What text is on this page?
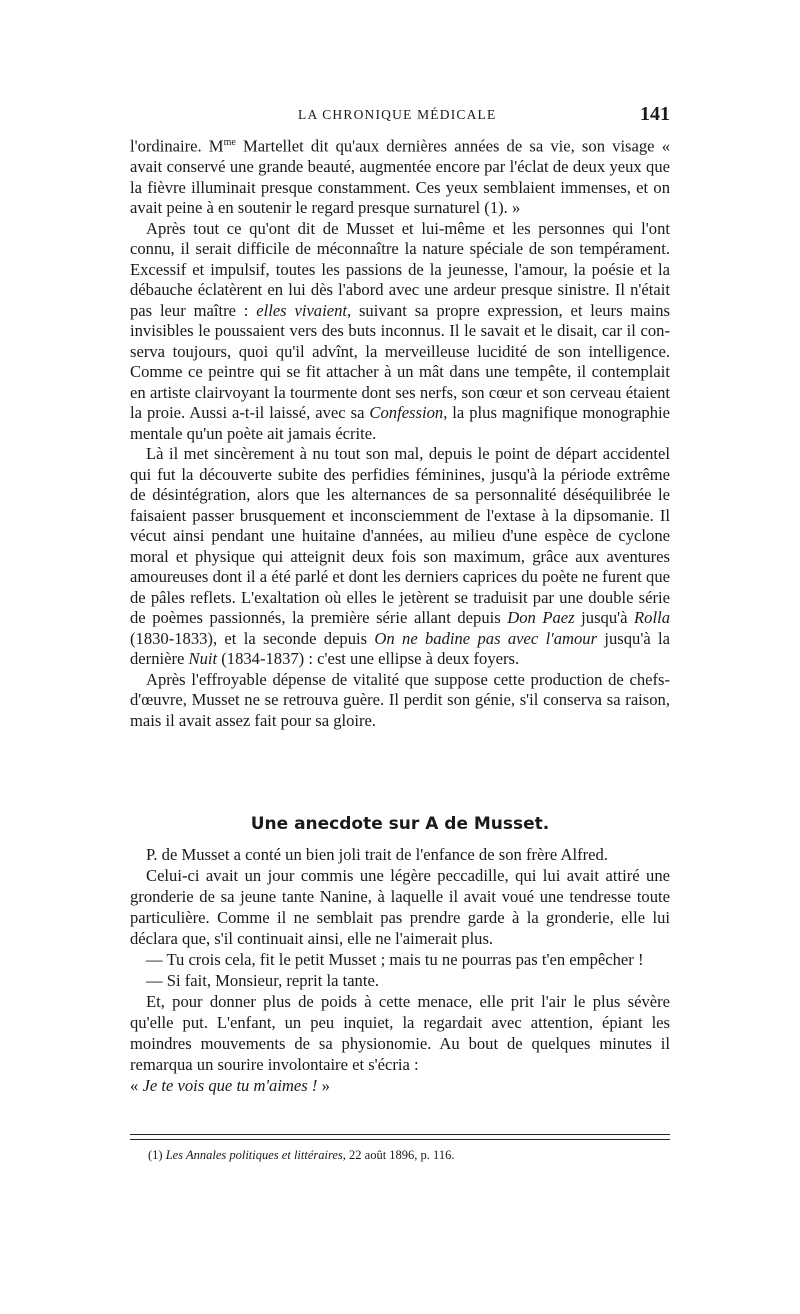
LA CHRONIQUE MÉDICALE	141

l'ordinaire. $M^{me}$ Martellet dit qu'aux dernières années de sa vie, son visage « avait conservé une grande beauté, augmentée encore par l'éclat de deux yeux que la fièvre illuminait presque constamment. Ces yeux semblaient immenses, et on avait peine à en soutenir le regard presque surnaturel (1). »

Après tout ce qu'ont dit de Musset et lui-même et les personnes qui l'ont connu, il serait difficile de méconnaître la nature spéciale de son tempérament. Excessif et impulsif, toutes les passions de la jeunesse, l'amour, la poésie et la débauche éclatèrent en lui dès l'abord avec une ardeur presque sinistre. Il n'était pas leur maître : elles vivaient, suivant sa propre expression, et leurs mains invisibles le poussaient vers des buts inconnus. Il le savait et le disait, car il conserva toujours, quoi qu'il advînt, la merveilleuse lucidité de son intelligence. Comme ce peintre qui se fit attacher à un mât dans une tempête, il contemplait en artiste clairvoyant la tourmente dont ses nerfs, son cœur et son cerveau étaient la proie. Aussi a-t-il laissé, avec sa Confession, la plus magnifique monographie mentale qu'un poète ait jamais écrite.

Là il met sincèrement à nu tout son mal, depuis le point de départ accidentel qui fut la découverte subite des perfidies féminines, jusqu'à la période extrême de désintégration, alors que les alternances de sa personnalité déséquilibrée le faisaient passer brusquement et inconsciemment de l'extase à la dipsomanie. Il vécut ainsi pendant une huitaine d'années, au milieu d'une espèce de cyclone moral et physique qui atteignit deux fois son maximum, grâce aux aventures amoureuses dont il a été parlé et dont les derniers caprices du poète ne furent que de pâles reflets. L'exaltation où elles le jetèrent se traduisit par une double série de poèmes passionnés, la première série allant depuis Don Paez jusqu'à Rolla (1830-1833), et la seconde depuis On ne badine pas avec l'amour jusqu'à la dernière Nuit (1834-1837) : c'est une ellipse à deux foyers.

Après l'effroyable dépense de vitalité que suppose cette production de chefs-d'œuvre, Musset ne se retrouva guère. Il perdit son génie, s'il conserva sa raison, mais il avait assez fait pour sa gloire.

Une anecdote sur A de Musset.

P. de Musset a conté un bien joli trait de l'enfance de son frère Alfred.

Celui-ci avait un jour commis une légère peccadille, qui lui avait attiré une gronderie de sa jeune tante Nanine, à laquelle il avait voué une tendresse toute particulière. Comme il ne semblait pas prendre garde à la gronderie, elle lui déclara que, s'il continuait ainsi, elle ne l'aimerait plus.

— Tu crois cela, fit le petit Musset ; mais tu ne pourras pas t'en empêcher !

— Si fait, Monsieur, reprit la tante.

Et, pour donner plus de poids à cette menace, elle prit l'air le plus sévère qu'elle put. L'enfant, un peu inquiet, la regardait avec attention, épiant les moindres mouvements de sa physionomie. Au bout de quelques minutes il remarqua un sourire involontaire et s'écria :

« Je te vois que tu m'aimes ! »

(1) Les Annales politiques et littéraires, 22 août 1896, p. 116.
